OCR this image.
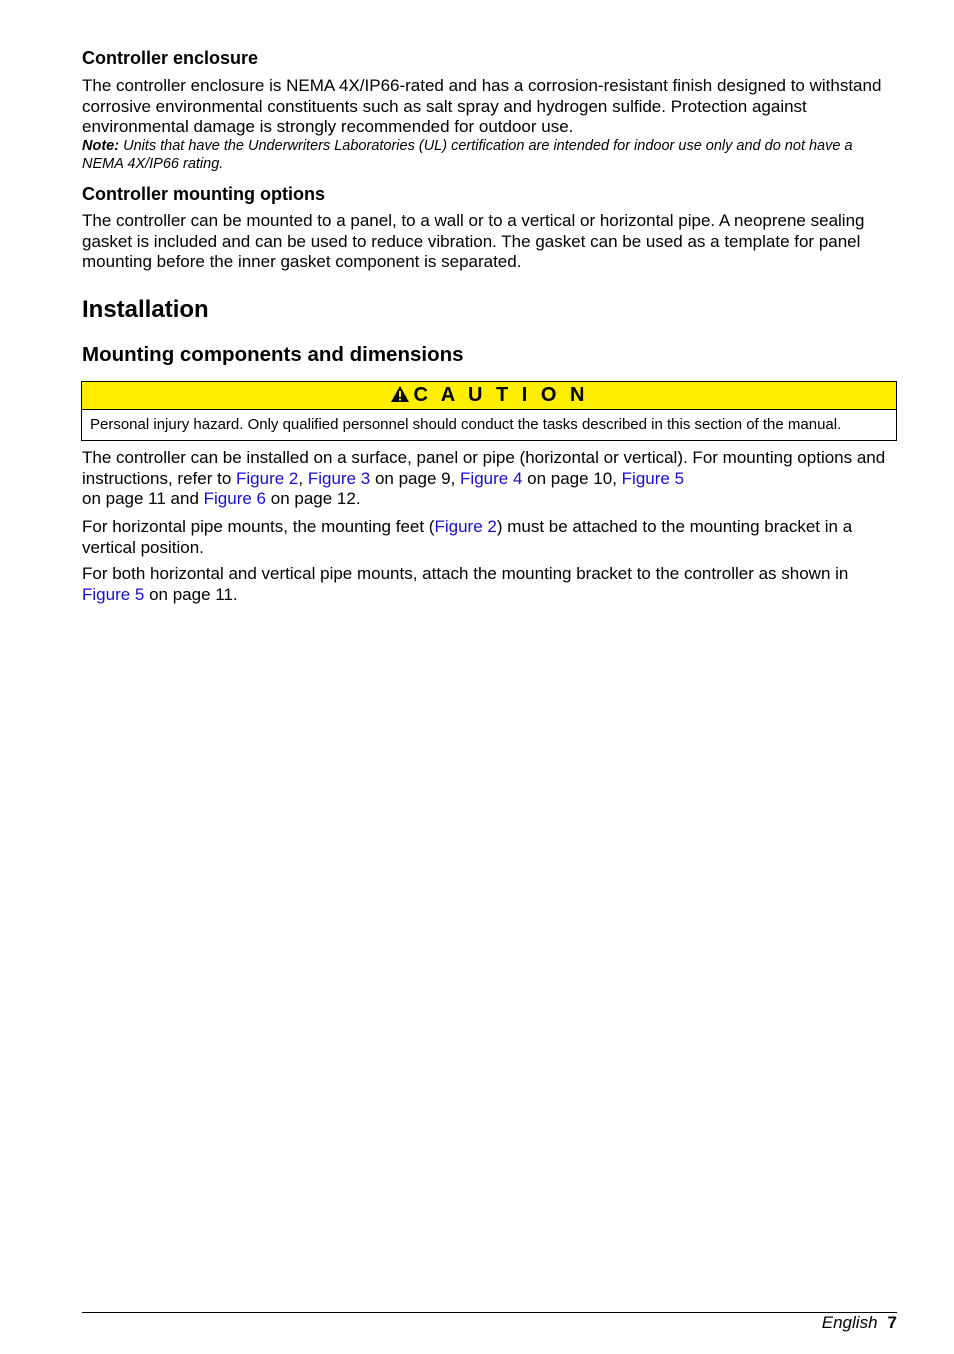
Controller enclosure

The controller enclosure is NEMA 4X/IP66-rated and has a corrosion-resistant finish designed to withstand corrosive environmental constituents such as salt spray and hydrogen sulfide. Protection against environmental damage is strongly recommended for outdoor use.

Note: Units that have the Underwriters Laboratories (UL) certification are intended for indoor use only and do not have a NEMA 4X/IP66 rating.

Controller mounting options

The controller can be mounted to a panel, to a wall or to a vertical or horizontal pipe. A neoprene sealing gasket is included and can be used to reduce vibration. The gasket can be used as a template for panel mounting before the inner gasket component is separated.

Installation
Mounting components and dimensions
C A U T I O N
Personal injury hazard. Only qualified personnel should conduct the tasks described in this section of the manual.

The controller can be installed on a surface, panel or pipe (horizontal or vertical). For mounting options and instructions, refer to Figure 2, Figure 3 on page 9, Figure 4 on page 10, Figure 5
on page 11 and Figure 6 on page 12.

For horizontal pipe mounts, the mounting feet (Figure 2) must be attached to the mounting bracket in a vertical position.

For both horizontal and vertical pipe mounts, attach the mounting bracket to the controller as shown in Figure 5 on page 11.

English 7
